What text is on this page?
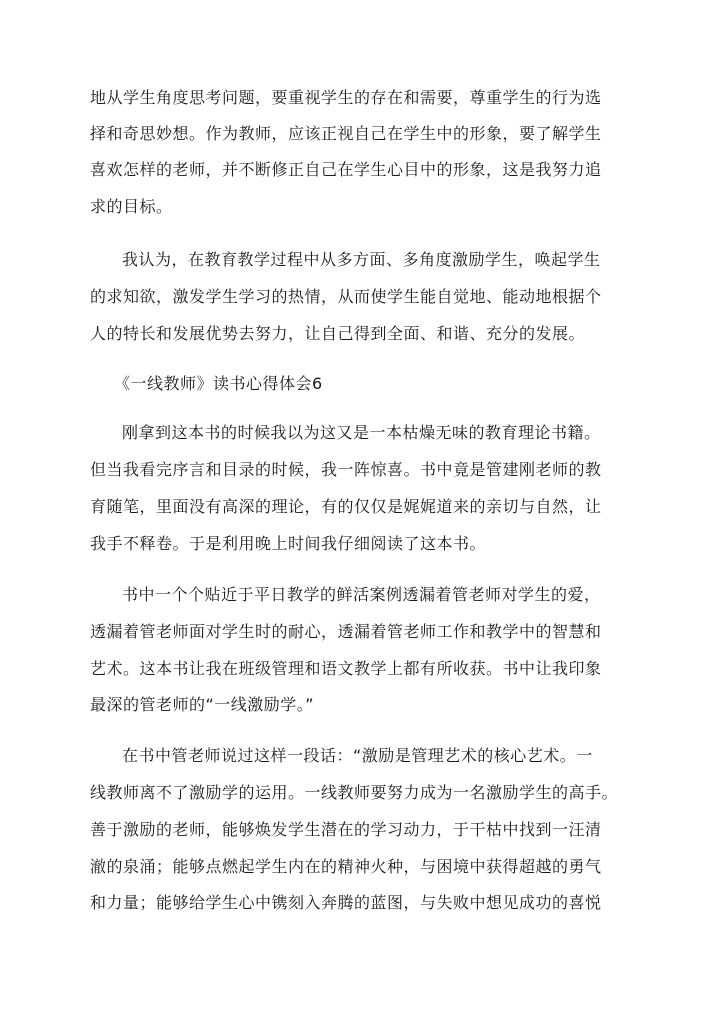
地从学生角度思考问题，要重视学生的存在和需要，尊重学生的行为选
择和奇思妙想。作为教师，应该正视自己在学生中的形象，要了解学生
喜欢怎样的老师，并不断修正自己在学生心目中的形象，这是我努力追
求的目标。
我认为，在教育教学过程中从多方面、多角度激励学生，唤起学生
的求知欲，激发学生学习的热情，从而使学生能自觉地、能动地根据个
人的特长和发展优势去努力，让自己得到全面、和谐、充分的发展。
《一线教师》读书心得体会6
刚拿到这本书的时候我以为这又是一本枯燥无味的教育理论书籍。
但当我看完序言和目录的时候，我一阵惊喜。书中竟是管建刚老师的教
育随笔，里面没有高深的理论，有的仅仅是娓娓道来的亲切与自然，让
我手不释卷。于是利用晚上时间我仔细阅读了这本书。
书中一个个贴近于平日教学的鲜活案例透漏着管老师对学生的爱，
透漏着管老师面对学生时的耐心，透漏着管老师工作和教学中的智慧和
艺术。这本书让我在班级管理和语文教学上都有所收获。书中让我印象
最深的管老师的“一线激励学。”
在书中管老师说过这样一段话：“激励是管理艺术的核心艺术。一
线教师离不了激励学的运用。一线教师要努力成为一名激励学生的高手。
善于激励的老师，能够焕发学生潜在的学习动力，于干枯中找到一汪清
澈的泉涌；能够点燃起学生内在的精神火种，与困境中获得超越的勇气
和力量；能够给学生心中镌刻入奔腾的蓝图，与失败中想见成功的喜悦
